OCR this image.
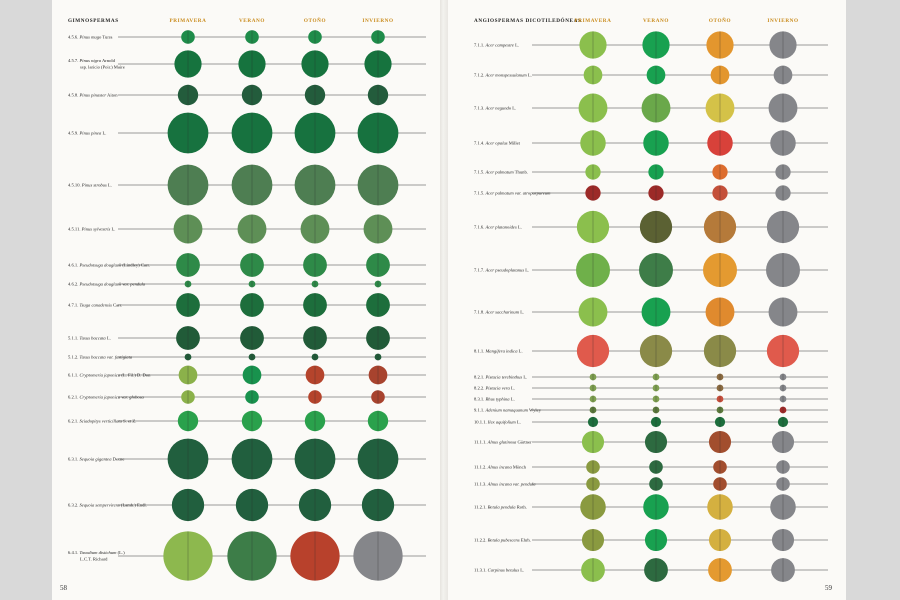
GIMNOSPERMAS	PRIMAVERA	VERANO	OTOÑO	INVIERNO
4.5.6. Pinus mugo Turra
4.5.7. Pinus nigra Arnold
ssp. laricio (Poir.) Maire
4.5.8. Pinus pinaster Aiton
4.5.9. Pinus pinea L.
4.5.10. Pinus strobus L.
4.5.11. Pinus sylvestris L.
4.6.1. Pseudotsuga douglasii (Lindley) Carr.
4.6.2. Pseudotsuga douglasii var. pendula
4.7.1. Tsuga canadensis Carr.
5.1.1. Taxus baccata L.
5.1.2. Taxus baccata var. fastigiata
6.1.1. Cryptomeria japonica (L. Fil.) D. Don
6.2.1. Cryptomeria japonica var. globosa
6.2.1. Sciadopitys verticillata S. et Z.
6.3.1. Sequoia gigantea Decne
6.3.2. Sequoia sempervirens (Lamb.) Endl.
6.4.1. Taxodium distichum (L.)
L.C.T. Richard
ANGIOSPERMAS DICOTILEDÓNEAS
PRIMAVERA	VERANO	OTOÑO	INVIERNO
7.1.1. Acer campestre L.
7.1.2. Acer monspessulanum L.
7.1.3. Acer negundo L.
7.1.4. Acer opalus Millet
7.1.5. Acer palmatum Thunb.
7.1.5. Acer palmatum var. atropurpureum
7.1.6. Acer platanoides L.
7.1.7. Acer pseudoplatanus L.
7.1.8. Acer saccharinum L.
8.1.1. Mangifera indica L.
8.2.1. Pistacia terebinthus L.
8.2.2. Pistacia vera L.
8.3.1. Rhus typhina L.
9.1.1. Adenium namaquanum Wyley
10.1.1. Ilex aquifolium L.
11.1.1. Alnus glutinosa Gärtner
11.1.2. Alnus incana Mönch
11.1.3. Alnus incana var. pendula
11.2.1. Betula pendula Roth.
11.2.2. Betula pubescens Ehrh.
11.3.1. Carpinus betulus L.
58	59
